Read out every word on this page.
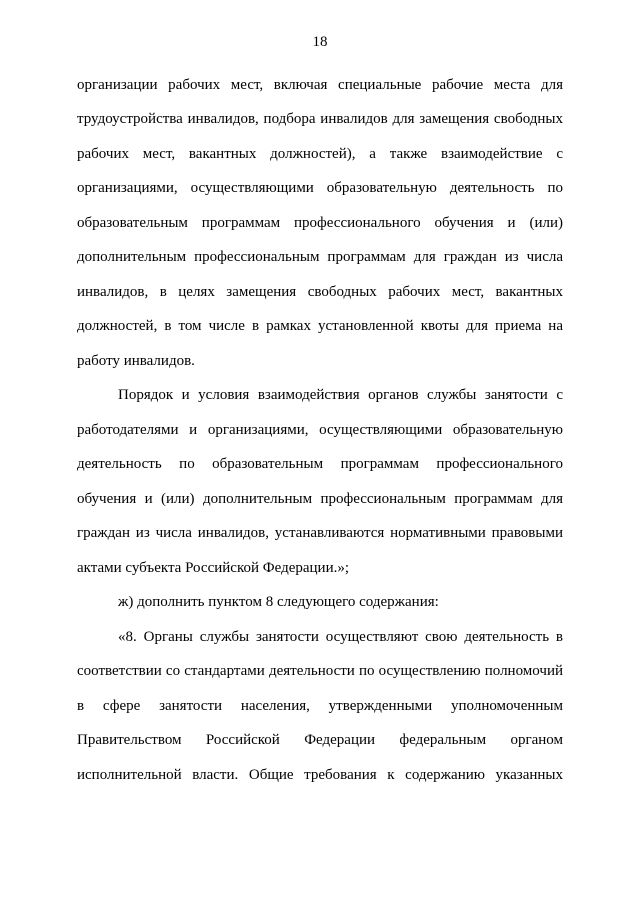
18
организации рабочих мест, включая специальные рабочие места для
трудоустройства инвалидов, подбора инвалидов для замещения свободных
рабочих мест, вакантных должностей), а также взаимодействие с
организациями, осуществляющими образовательную деятельность по
образовательным программам профессионального обучения и (или)
дополнительным профессиональным программам для граждан из числа
инвалидов, в целях замещения свободных рабочих мест, вакантных
должностей, в том числе в рамках установленной квоты для приема на
работу инвалидов.
Порядок и условия взаимодействия органов службы занятости с
работодателями и организациями, осуществляющими образовательную
деятельность по образовательным программам профессионального
обучения и (или) дополнительным профессиональным программам для
граждан из числа инвалидов, устанавливаются нормативными правовыми
актами субъекта Российской Федерации.»;
ж) дополнить пунктом 8 следующего содержания:
«8. Органы службы занятости осуществляют свою деятельность в
соответствии со стандартами деятельности по осуществлению полномочий
в сфере занятости населения, утвержденными уполномоченным
Правительством Российской Федерации федеральным органом
исполнительной власти. Общие требования к содержанию указанных
